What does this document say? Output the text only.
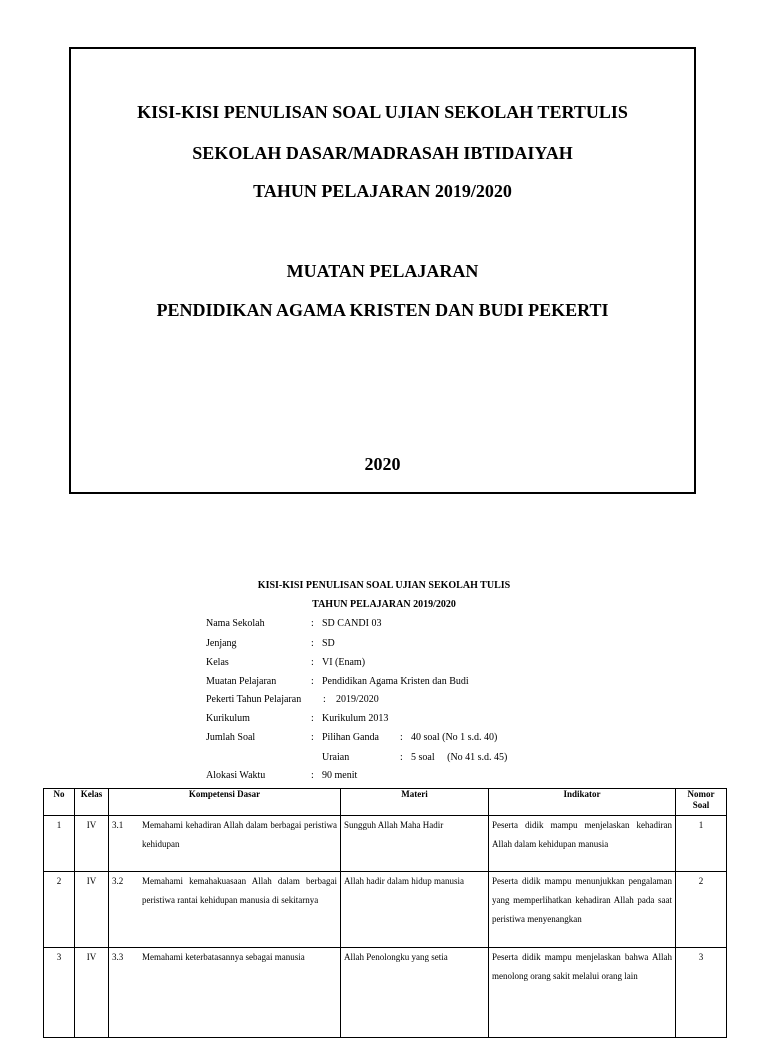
KISI-KISI PENULISAN SOAL UJIAN SEKOLAH TERTULIS
SEKOLAH DASAR/MADRASAH IBTIDAIYAH
TAHUN PELAJARAN 2019/2020
MUATAN PELAJARAN
PENDIDIKAN AGAMA KRISTEN DAN BUDI PEKERTI
2020
KISI-KISI PENULISAN SOAL UJIAN SEKOLAH TULIS
TAHUN PELAJARAN 2019/2020
Nama Sekolah	: SD CANDI 03
Jenjang	: SD
Kelas	: VI (Enam)
Muatan Pelajaran	: Pendidikan Agama Kristen dan Budi
Pekerti Tahun Pelajaran : 2019/2020
Kurikulum	: Kurikulum 2013
Jumlah Soal	: Pilihan Ganda : 40 soal (No 1 s.d. 40)
Uraian	: 5 soal     (No 41 s.d. 45)
Alokasi Waktu	: 90 menit
No	Kelas	Kompetensi Dasar	Materi	Indikator	Nomor Soal
1	IV	3.1 Memahami kehadiran Allah dalam berbagai peristiwa kehidupan	Sungguh Allah Maha Hadir	Peserta didik mampu menjelaskan kehadiran Allah dalam kehidupan manusia	1
2	IV	3.2 Memahami kemahakuasaan Allah dalam berbagai peristiwa rantai kehidupan manusia di sekitarnya	Allah hadir dalam hidup manusia	Peserta didik mampu menunjukkan pengalaman yang memperlihatkan kehadiran Allah pada saat peristiwa menyenangkan	2
3	IV	3.3 Memahami keterbatasannya sebagai manusia	Allah Penolongku yang setia	Peserta didik mampu menjelaskan bahwa Allah menolong orang sakit melalui orang lain	3
